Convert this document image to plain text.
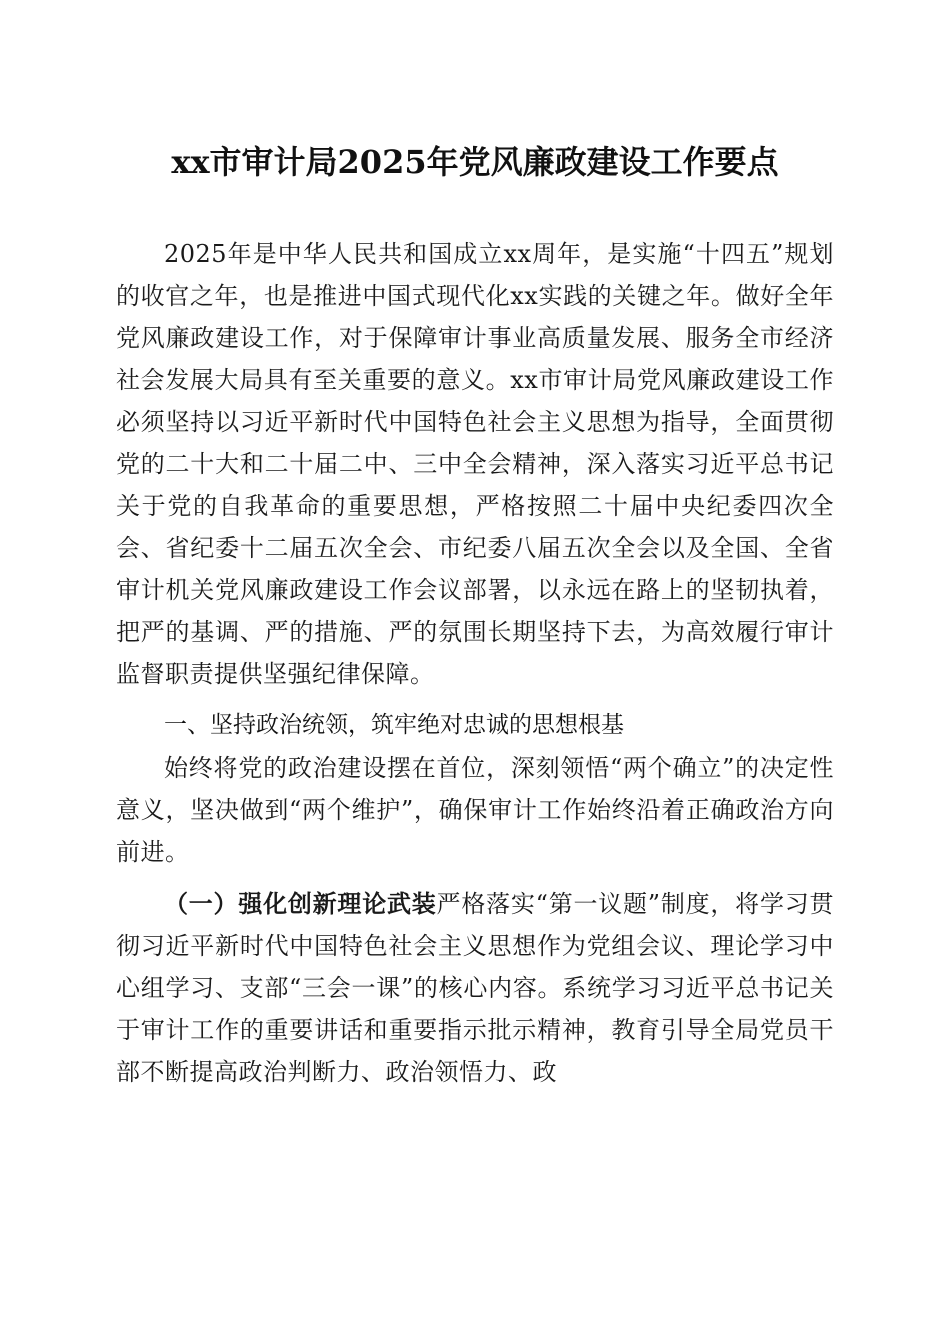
xx市审计局2025年党风廉政建设工作要点

2025年是中华人民共和国成立xx周年，是实施“十四五”规划的收官之年，也是推进中国式现代化xx实践的关键之年。做好全年党风廉政建设工作，对于保障审计事业高质量发展、服务全市经济社会发展大局具有至关重要的意义。xx市审计局党风廉政建设工作必须坚持以习近平新时代中国特色社会主义思想为指导，全面贯彻党的二十大和二十届二中、三中全会精神，深入落实习近平总书记关于党的自我革命的重要思想，严格按照二十届中央纪委四次全会、省纪委十二届五次全会、市纪委八届五次全会以及全国、全省审计机关党风廉政建设工作会议部署，以永远在路上的坚韧执着，把严的基调、严的措施、严的氛围长期坚持下去，为高效履行审计监督职责提供坚强纪律保障。

一、坚持政治统领，筑牢绝对忠诚的思想根基

始终将党的政治建设摆在首位，深刻领悟“两个确立”的决定性意义，坚决做到“两个维护”，确保审计工作始终沿着正确政治方向前进。

（一）强化创新理论武装严格落实“第一议题”制度，将学习贯彻习近平新时代中国特色社会主义思想作为党组会议、理论学习中心组学习、支部“三会一课”的核心内容。系统学习习近平总书记关于审计工作的重要讲话和重要指示批示精神，教育引导全局党员干部不断提高政治判断力、政治领悟力、政
